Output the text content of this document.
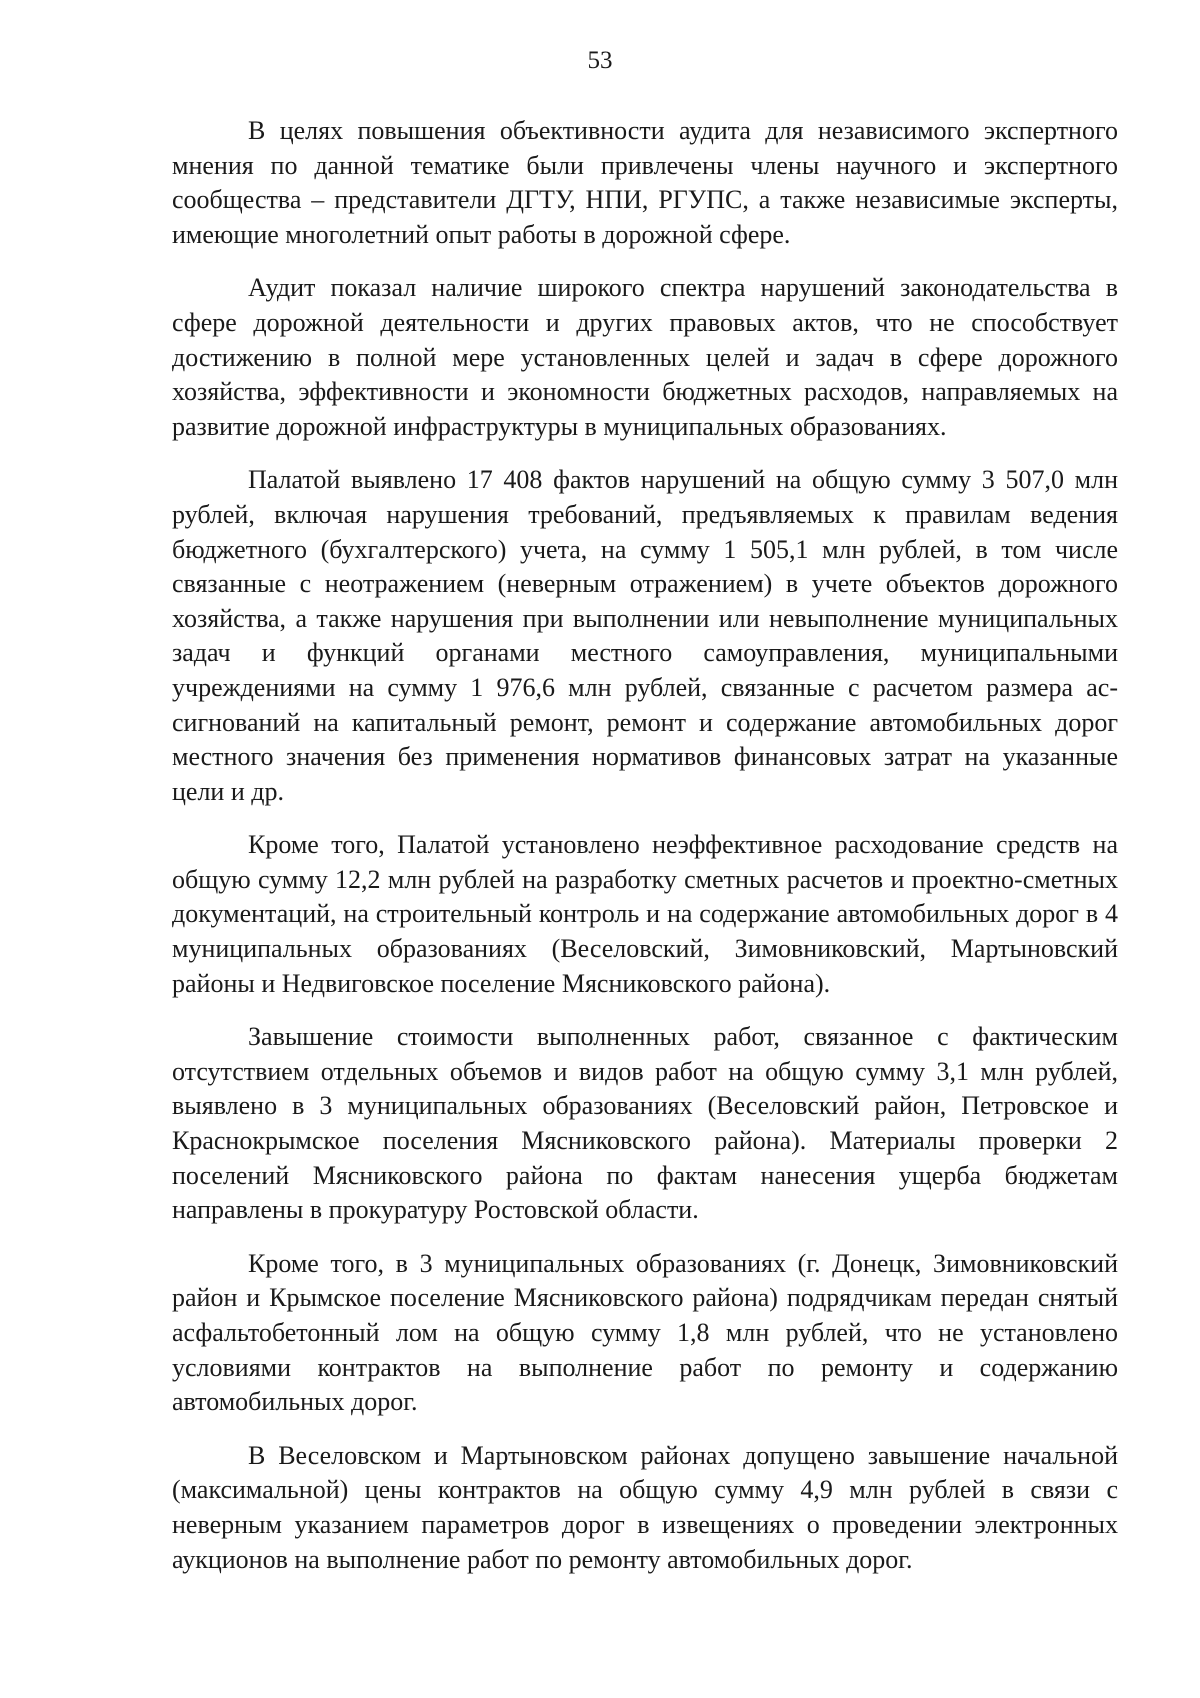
53

В целях повышения объективности аудита для независимого экспертного мнения по данной тематике были привлечены члены научного и экспертного сообщества – представители ДГТУ, НПИ, РГУПС, а также независимые эксперты, имеющие многолетний опыт работы в дорожной сфере.

Аудит показал наличие широкого спектра нарушений законодательства в сфере дорожной деятельности и других правовых актов, что не способствует достижению в полной мере установленных целей и задач в сфере дорожного хозяйства, эффективности и экономности бюджетных расходов, направляемых на развитие дорожной инфраструктуры в муниципальных образованиях.

Палатой выявлено 17 408 фактов нарушений на общую сумму 3 507,0 млн рублей, включая нарушения требований, предъявляемых к правилам ведения бюджетного (бухгалтерского) учета, на сумму 1 505,1 млн рублей, в том числе связанные с неотражением (неверным отражением) в учете объектов дорожного хозяйства, а также нарушения при выполнении или невыполнение муниципальных задач и функций органами местного самоуправления, муниципальными учреждениями на сумму 1 976,6 млн рублей, связанные с расчетом размера ассигнований на капитальный ремонт, ремонт и содержание автомобильных дорог местного значения без применения нормативов финансовых затрат на указанные цели и др.

Кроме того, Палатой установлено неэффективное расходование средств на общую сумму 12,2 млн рублей на разработку сметных расчетов и проектно-сметных документаций, на строительный контроль и на содержание автомобильных дорог в 4 муниципальных образованиях (Веселовский, Зимовниковский, Мартыновский районы и Недвиговское поселение Мясниковского района).

Завышение стоимости выполненных работ, связанное с фактическим отсутствием отдельных объемов и видов работ на общую сумму 3,1 млн рублей, выявлено в 3 муниципальных образованиях (Веселовский район, Петровское и Краснокрымское поселения Мясниковского района). Материалы проверки 2 поселений Мясниковского района по фактам нанесения ущерба бюджетам направлены в прокуратуру Ростовской области.

Кроме того, в 3 муниципальных образованиях (г. Донецк, Зимовниковский район и Крымское поселение Мясниковского района) подрядчикам передан снятый асфальтобетонный лом на общую сумму 1,8 млн рублей, что не установлено условиями контрактов на выполнение работ по ремонту и содержанию автомобильных дорог.

В Веселовском и Мартыновском районах допущено завышение начальной (максимальной) цены контрактов на общую сумму 4,9 млн рублей в связи с неверным указанием параметров дорог в извещениях о проведении электронных аукционов на выполнение работ по ремонту автомобильных дорог.
